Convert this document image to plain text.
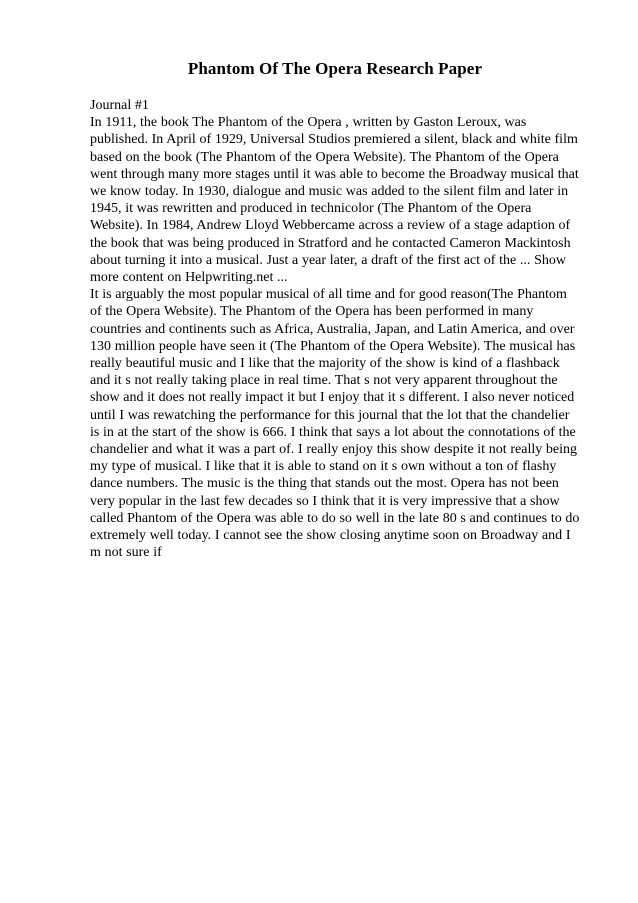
Phantom Of The Opera Research Paper

Journal #1

In 1911, the book The Phantom of the Opera , written by Gaston Leroux, was published. In April of 1929, Universal Studios premiered a silent, black and white film based on the book (The Phantom of the Opera Website). The Phantom of the Opera went through many more stages until it was able to become the Broadway musical that we know today. In 1930, dialogue and music was added to the silent film and later in 1945, it was rewritten and produced in technicolor (The Phantom of the Opera Website). In 1984, Andrew Lloyd Webbercame across a review of a stage adaption of the book that was being produced in Stratford and he contacted Cameron Mackintosh about turning it into a musical. Just a year later, a draft of the first act of the ... Show more content on Helpwriting.net ...

It is arguably the most popular musical of all time and for good reason(The Phantom of the Opera Website). The Phantom of the Opera has been performed in many countries and continents such as Africa, Australia, Japan, and Latin America, and over 130 million people have seen it (The Phantom of the Opera Website). The musical has really beautiful music and I like that the majority of the show is kind of a flashback and it s not really taking place in real time. That s not very apparent throughout the show and it does not really impact it but I enjoy that it s different. I also never noticed until I was rewatching the performance for this journal that the lot that the chandelier is in at the start of the show is 666. I think that says a lot about the connotations of the chandelier and what it was a part of. I really enjoy this show despite it not really being my type of musical. I like that it is able to stand on it s own without a ton of flashy dance numbers. The music is the thing that stands out the most. Opera has not been very popular in the last few decades so I think that it is very impressive that a show called Phantom of the Opera was able to do so well in the late 80 s and continues to do extremely well today. I cannot see the show closing anytime soon on Broadway and I m not sure if
